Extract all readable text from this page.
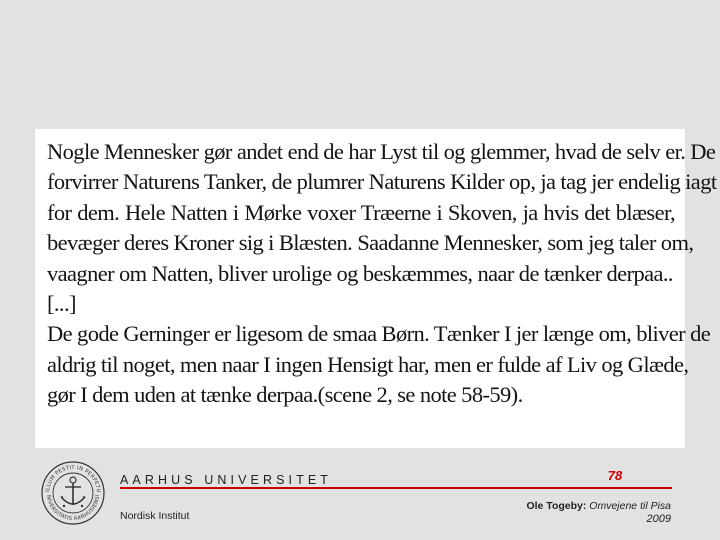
Nogle Mennesker gør andet end de har Lyst til og glemmer, hvad de selv er. De
forvirrer Naturens Tanker, de plumrer Naturens Kilder op, ja tag jer endelig iagt
for dem. Hele Natten i Mørke voxer Træerne i Skoven, ja hvis det blæser,
bevæger deres Kroner sig i Blæsten. Saadanne Mennesker, som jeg taler om,
vaagner om Natten, bliver urolige og beskæmmes, naar de tænker derpaa..
[...]
De gode Gerninger er ligesom de smaa Børn. Tænker I jer længe om, bliver de
aldrig til noget, men naar I ingen Hensigt har, men er fulde af Liv og Glæde,
gør I dem uden at tænke derpaa.(scene 2, se note 58-59).
ILLUM PESTIT IN PERPETU
NIVERSITATIS AARHUSIENSI
AARHUS UNIVERSITET
Nordisk Institut
78
Ole Togeby: Omvejene til Pisa
2009
